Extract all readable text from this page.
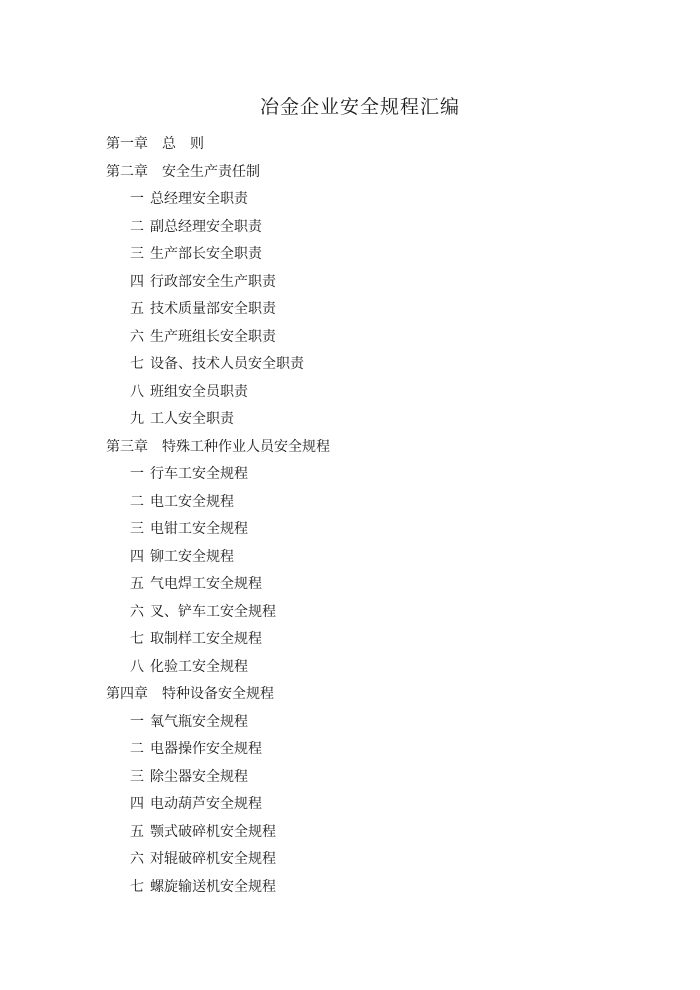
冶金企业安全规程汇编
第一章 总　则
第二章 安全生产责任制
一 总经理安全职责
二 副总经理安全职责
三 生产部长安全职责
四 行政部安全生产职责
五 技术质量部安全职责
六 生产班组长安全职责
七 设备、技术人员安全职责
八 班组安全员职责
九 工人安全职责
第三章 特殊工种作业人员安全规程
一 行车工安全规程
二 电工安全规程
三 电钳工安全规程
四 铆工安全规程
五 气电焊工安全规程
六 叉、铲车工安全规程
七 取制样工安全规程
八 化验工安全规程
第四章 特种设备安全规程
一 氧气瓶安全规程
二 电器操作安全规程
三 除尘器安全规程
四 电动葫芦安全规程
五 颚式破碎机安全规程
六 对辊破碎机安全规程
七 螺旋输送机安全规程
